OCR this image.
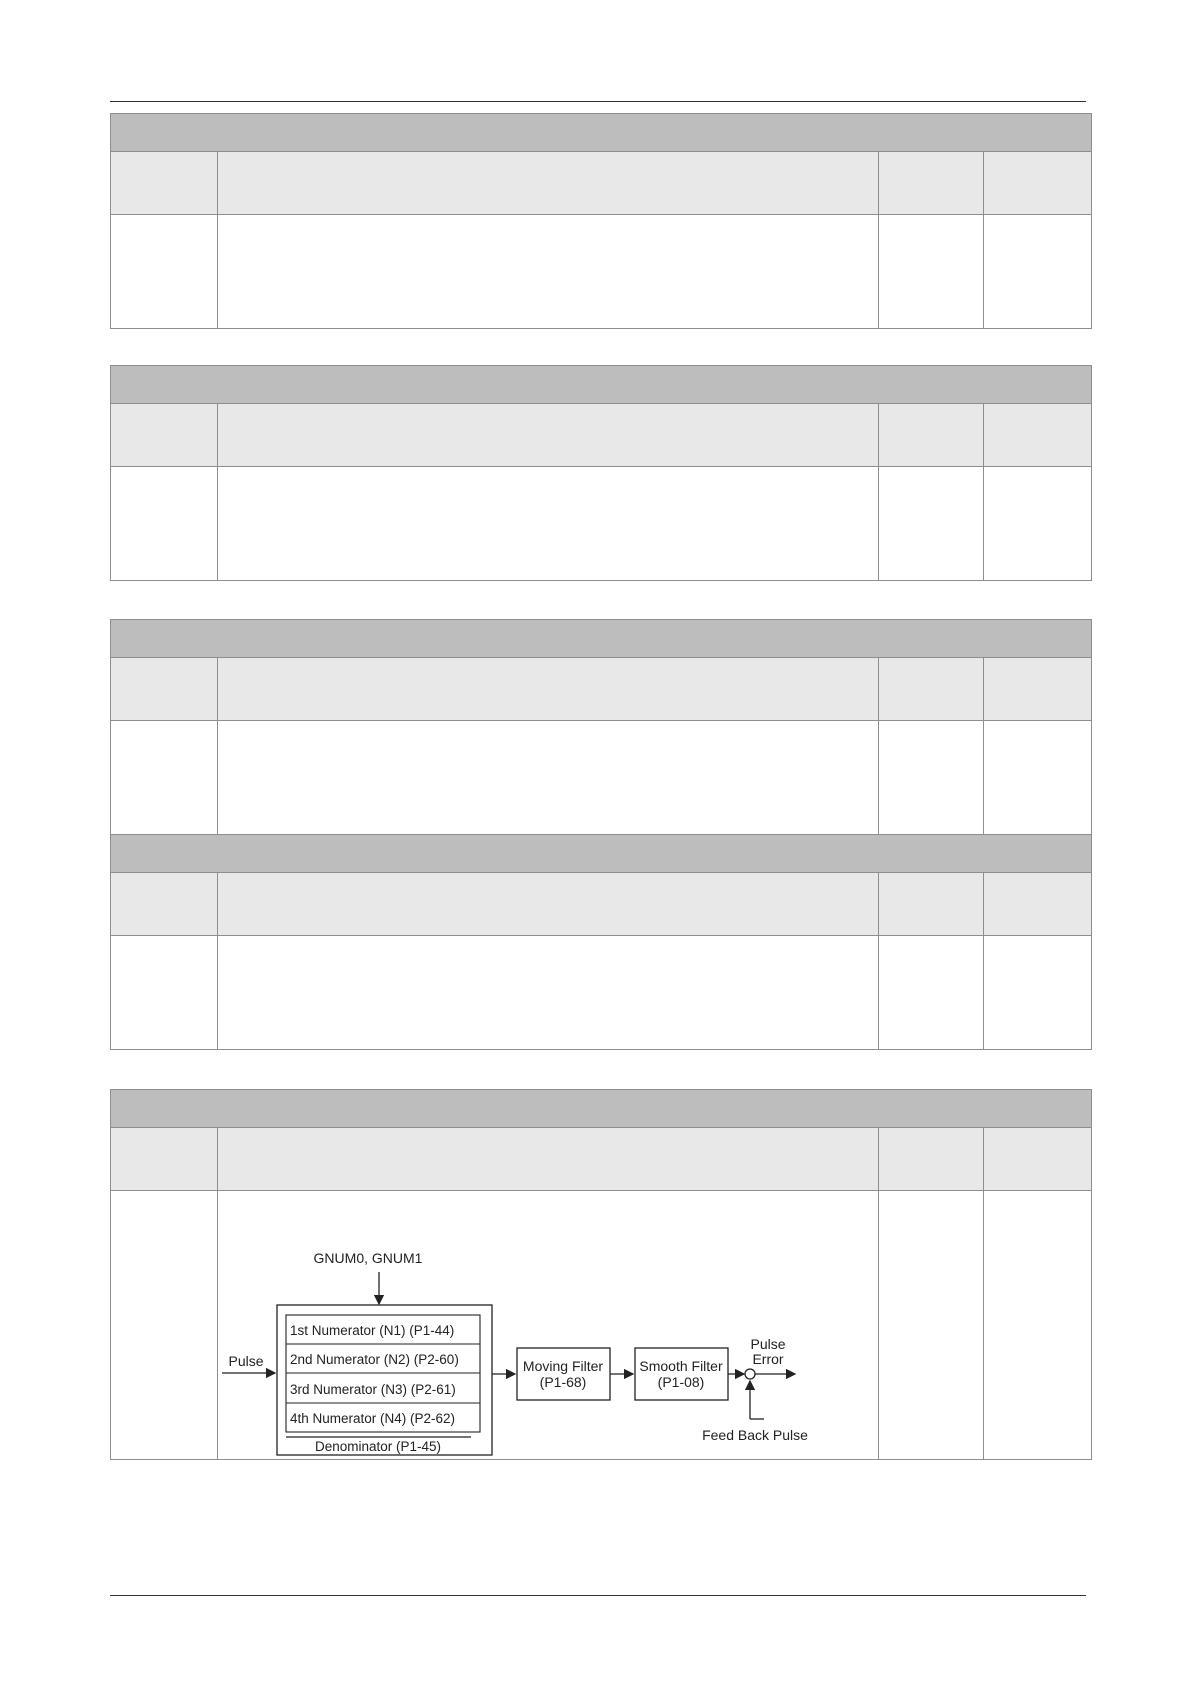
GNUM0, GNUM1
Pulse
1st Numerator (N1) (P1-44)
2nd Numerator (N2) (P2-60)
3rd Numerator (N3) (P2-61)
4th Numerator (N4) (P2-62)
Denominator (P1-45)
Moving Filter
(P1-68)
Smooth Filter
(P1-08)
Pulse
Error
Feed Back Pulse
